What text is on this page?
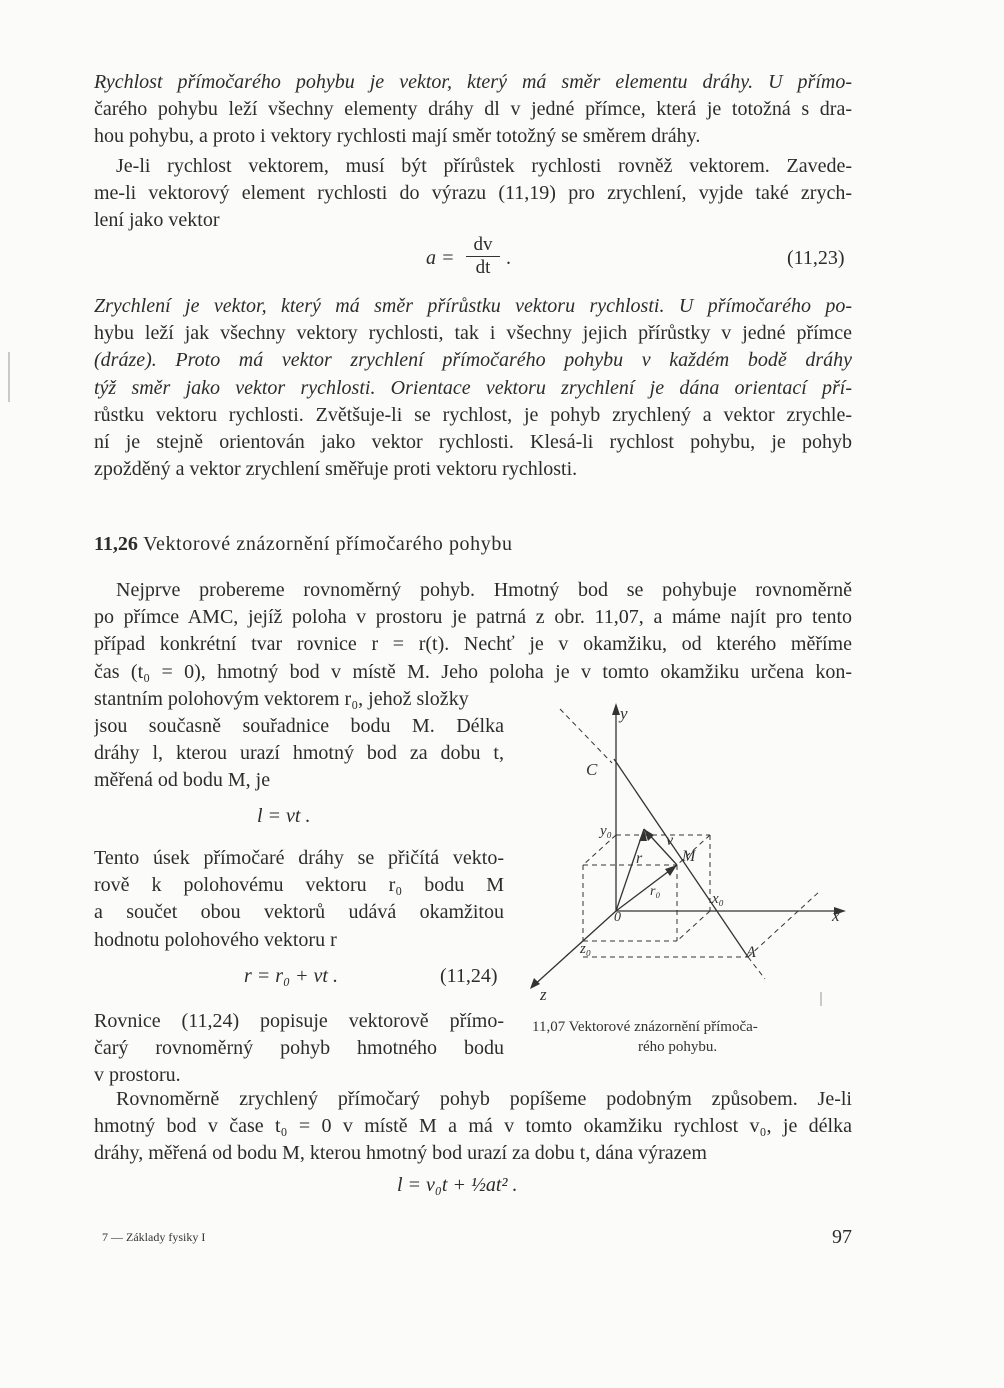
Rychlost přímočarého pohybu je vektor, který má směr elementu dráhy. U přímo-
čarého pohybu leží všechny elementy dráhy dl v jedné přímce, která je totožná s dra-
hou pohybu, a proto i vektory rychlosti mají směr totožný se směrem dráhy.
Je-li rychlost vektorem, musí být přírůstek rychlosti rovněž vektorem. Zavede-
me-li vektorový element rychlosti do výrazu (11,19) pro zrychlení, vyjde také zrych-
lení jako vektor
$a = \frac{dv}{dt}$ .	(11,23)
Zrychlení je vektor, který má směr přírůstku vektoru rychlosti. U přímočarého po-
hybu leží jak všechny vektory rychlosti, tak i všechny jejich přírůstky v jedné přímce
(dráze). Proto má vektor zrychlení přímočarého pohybu v každém bodě dráhy
týž směr jako vektor rychlosti. Orientace vektoru zrychlení je dána orientací pří-
růstku vektoru rychlosti. Zvětšuje-li se rychlost, je pohyb zrychlený a vektor zrychle-
ní je stejně orientován jako vektor rychlosti. Klesá-li rychlost pohybu, je pohyb
zpožděný a vektor zrychlení směřuje proti vektoru rychlosti.
11,26 Vektorové znázornění přímočarého pohybu
Nejprve probereme rovnoměrný pohyb. Hmotný bod se pohybuje rovnoměrně
po přímce AMC, jejíž poloha v prostoru je patrná z obr. 11,07, a máme najít pro tento
případ konkrétní tvar rovnice r = r(t). Nechť je v okamžiku, od kterého měříme
čas (t₀ = 0), hmotný bod v místě M. Jeho poloha je v tomto okamžiku určena kon-
stantním polohovým vektorem r₀, jehož složky
jsou současně souřadnice bodu M. Délka
dráhy l, kterou urazí hmotný bod za dobu t,
měřená od bodu M, je
l = vt .
Tento úsek přímočaré dráhy se přičítá vekto-
rově k polohovému vektoru r₀ bodu M
a součet obou vektorů udává okamžitou
hodnotu polohového vektoru r
r = r₀ + vt .	(11,24)
Rovnice (11,24) popisuje vektorově přímo-
čarý rovnoměrný pohyb hmotného bodu
v prostoru.
Rovnoměrně zrychlený přímočarý pohyb popíšeme podobným způsobem. Je-li
hmotný bod v čase t₀ = 0 v místě M a má v tomto okamžiku rychlost v₀, je délka
dráhy, měřená od bodu M, kterou hmotný bod urazí za dobu t, dána výrazem
l = v₀t + ½at² .
y
x
z
C
A
M
0
v
r
r₀	x₀
y₀
z₀
11,07 Vektorové znázornění přímoča-
rého pohybu.
7 — Základy fysiky I	97
